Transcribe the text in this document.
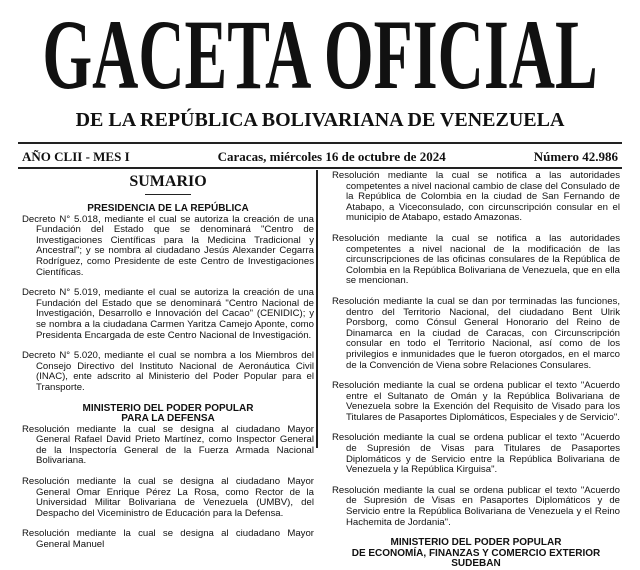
GACETA OFICIAL
DE LA REPÚBLICA BOLIVARIANA DE VENEZUELA
AÑO CLII - MES I	Caracas, miércoles 16 de octubre de 2024	Número 42.986
SUMARIO
PRESIDENCIA DE LA REPÚBLICA
Decreto N° 5.018, mediante el cual se autoriza la creación de una Fundación del Estado que se denominará "Centro de Investigaciones Científicas para la Medicina Tradicional y Ancestral"; y se nombra al ciudadano Jesús Alexander Cegarra Rodríguez, como Presidente de este Centro de Investigaciones Científicas.
Decreto N° 5.019, mediante el cual se autoriza la creación de una Fundación del Estado que se denominará "Centro Nacional de Investigación, Desarrollo e Innovación del Cacao" (CENIDIC); y se nombra a la ciudadana Carmen Yaritza Camejo Aponte, como Presidenta Encargada de este Centro Nacional de Investigación.
Decreto N° 5.020, mediante el cual se nombra a los Miembros del Consejo Directivo del Instituto Nacional de Aeronáutica Civil (INAC), ente adscrito al Ministerio del Poder Popular para el Transporte.
MINISTERIO DEL PODER POPULAR
PARA LA DEFENSA
Resolución mediante la cual se designa al ciudadano Mayor General Rafael David Prieto Martínez, como Inspector General de la Inspectoría General de la Fuerza Armada Nacional Bolivariana.
Resolución mediante la cual se designa al ciudadano Mayor General Omar Enrique Pérez La Rosa, como Rector de la Universidad Militar Bolivariana de Venezuela (UMBV), del Despacho del Viceministro de Educación para la Defensa.
Resolución mediante la cual se designa al ciudadano Mayor General Manuel
Resolución mediante la cual se notifica a las autoridades competentes a nivel nacional cambio de clase del Consulado de la República de Colombia en la ciudad de San Fernando de Atabapo, a Viceconsulado, con circunscripción consular en el municipio de Atabapo, estado Amazonas.
Resolución mediante la cual se notifica a las autoridades competentes a nivel nacional de la modificación de las circunscripciones de las oficinas consulares de la República de Colombia en la República Bolivariana de Venezuela, que en ella se mencionan.
Resolución mediante la cual se dan por terminadas las funciones, dentro del Territorio Nacional, del ciudadano Bent Ulrik Porsborg, como Cónsul General Honorario del Reino de Dinamarca en la ciudad de Caracas, con Circunscripción consular en todo el Territorio Nacional, así como de los privilegios e inmunidades que le fueron otorgados, en el marco de la Convención de Viena sobre Relaciones Consulares.
Resolución mediante la cual se ordena publicar el texto "Acuerdo entre el Sultanato de Omán y la República Bolivariana de Venezuela sobre la Exención del Requisito de Visado para los Titulares de Pasaportes Diplomáticos, Especiales y de Servicio".
Resolución mediante la cual se ordena publicar el texto "Acuerdo de Supresión de Visas para Titulares de Pasaportes Diplomáticos y de Servicio entre la República Bolivariana de Venezuela y la República Kirguisa".
Resolución mediante la cual se ordena publicar el texto "Acuerdo de Supresión de Visas en Pasaportes Diplomáticos y de Servicio entre la República Bolivariana de Venezuela y el Reino Hachemita de Jordania".
MINISTERIO DEL PODER POPULAR
DE ECONOMÍA, FINANZAS Y COMERCIO EXTERIOR
SUDEBAN
